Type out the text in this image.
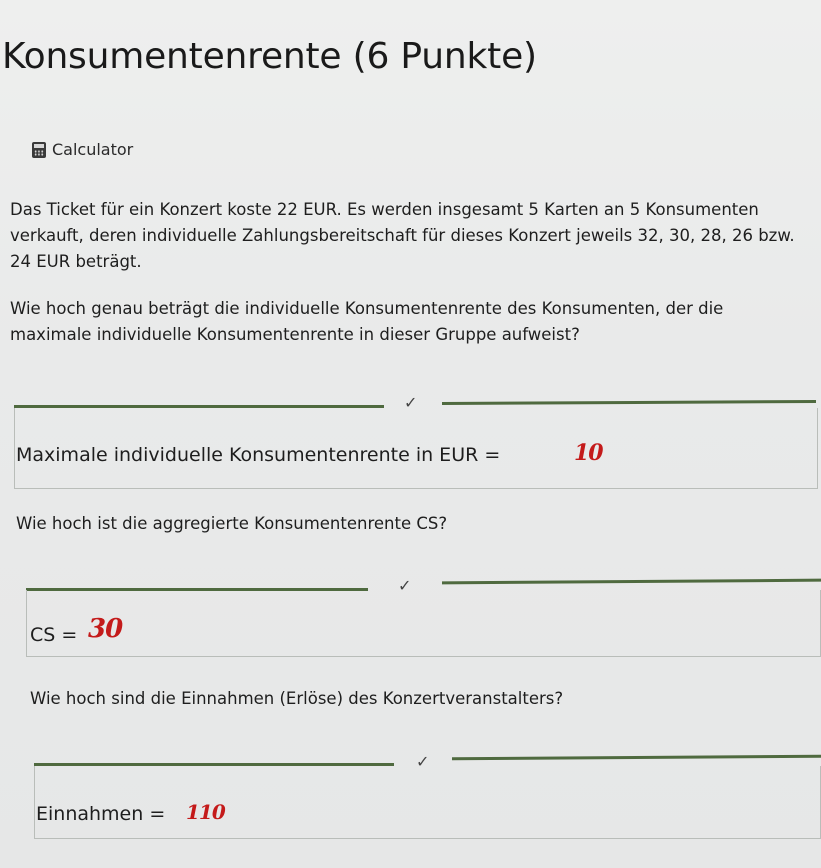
Konsumentenrente (6 Punkte)
Calculator

Das Ticket für ein Konzert koste 22 EUR. Es werden insgesamt 5 Karten an 5 Konsumenten verkauft, deren individuelle Zahlungsbereitschaft für dieses Konzert jeweils 32, 30, 28, 26 bzw. 24 EUR beträgt.

Wie hoch genau beträgt die individuelle Konsumentenrente des Konsumenten, der die maximale individuelle Konsumentenrente in dieser Gruppe aufweist?

✓
Maximale individuelle Konsumentenrente in EUR =	10

Wie hoch ist die aggregierte Konsumentenrente CS?

✓
CS = 30

Wie hoch sind die Einnahmen (Erlöse) des Konzertveranstalters?

✓
Einnahmen = 110
